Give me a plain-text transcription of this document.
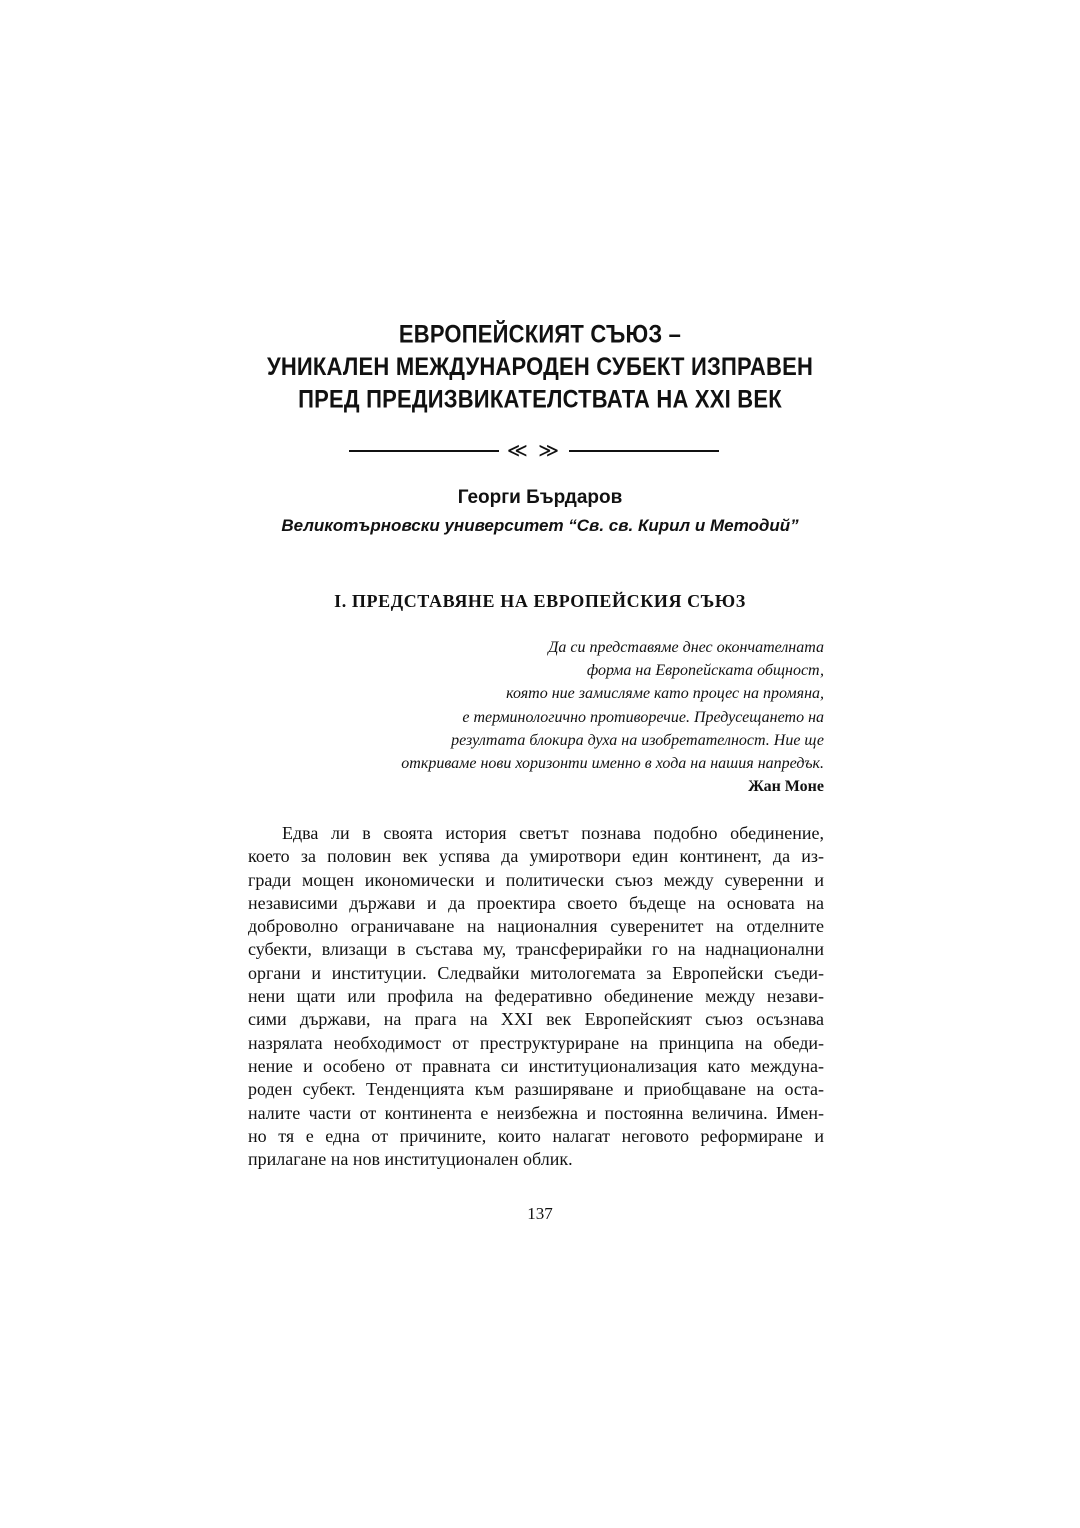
ЕВРОПЕЙСКИЯТ СЪЮЗ –
УНИКАЛЕН МЕЖДУНАРОДЕН СУБЕКТ ИЗПРАВЕН
ПРЕД ПРЕДИЗВИКАТЕЛСТВАТА НА XXI ВЕК
≪ ≫
Георги Бърдаров
Великотърновски университет “Св. св. Кирил и Методий”
I. ПРЕДСТАВЯНЕ НА ЕВРОПЕЙСКИЯ СЪЮЗ
Да си представяме днес окончателната
форма на Европейската общност,
която ние замисляме като процес на промяна,
е терминологично противоречие. Предусещането на
резултата блокира духа на изобретателност. Ние ще
откриваме нови хоризонти именно в хода на нашия напредък.
Жан Моне
Едва ли в своята история светът познава подобно обединение,
което за половин век успява да умиротвори един континент, да из-
гради мощен икономически и политически съюз между суверенни и
независими държави и да проектира своето бъдеще на основата на
доброволно ограничаване на националния суверенитет на отделните
субекти, влизащи в състава му, трансферирайки го на наднационални
органи и институции. Следвайки митологемата за Европейски съеди-
нени щати или профила на федеративно обединение между незави-
сими държави, на прага на XXI век Европейският съюз осъзнава
назрялата необходимост от преструктуриране на принципа на обеди-
нение и особено от правната си институционализация като междуна-
роден субект. Тенденцията към разширяване и приобщаване на оста-
налите части от континента е неизбежна и постоянна величина. Имен-
но тя е една от причините, които налагат неговото реформиране и
прилагане на нов институционален облик.
137
